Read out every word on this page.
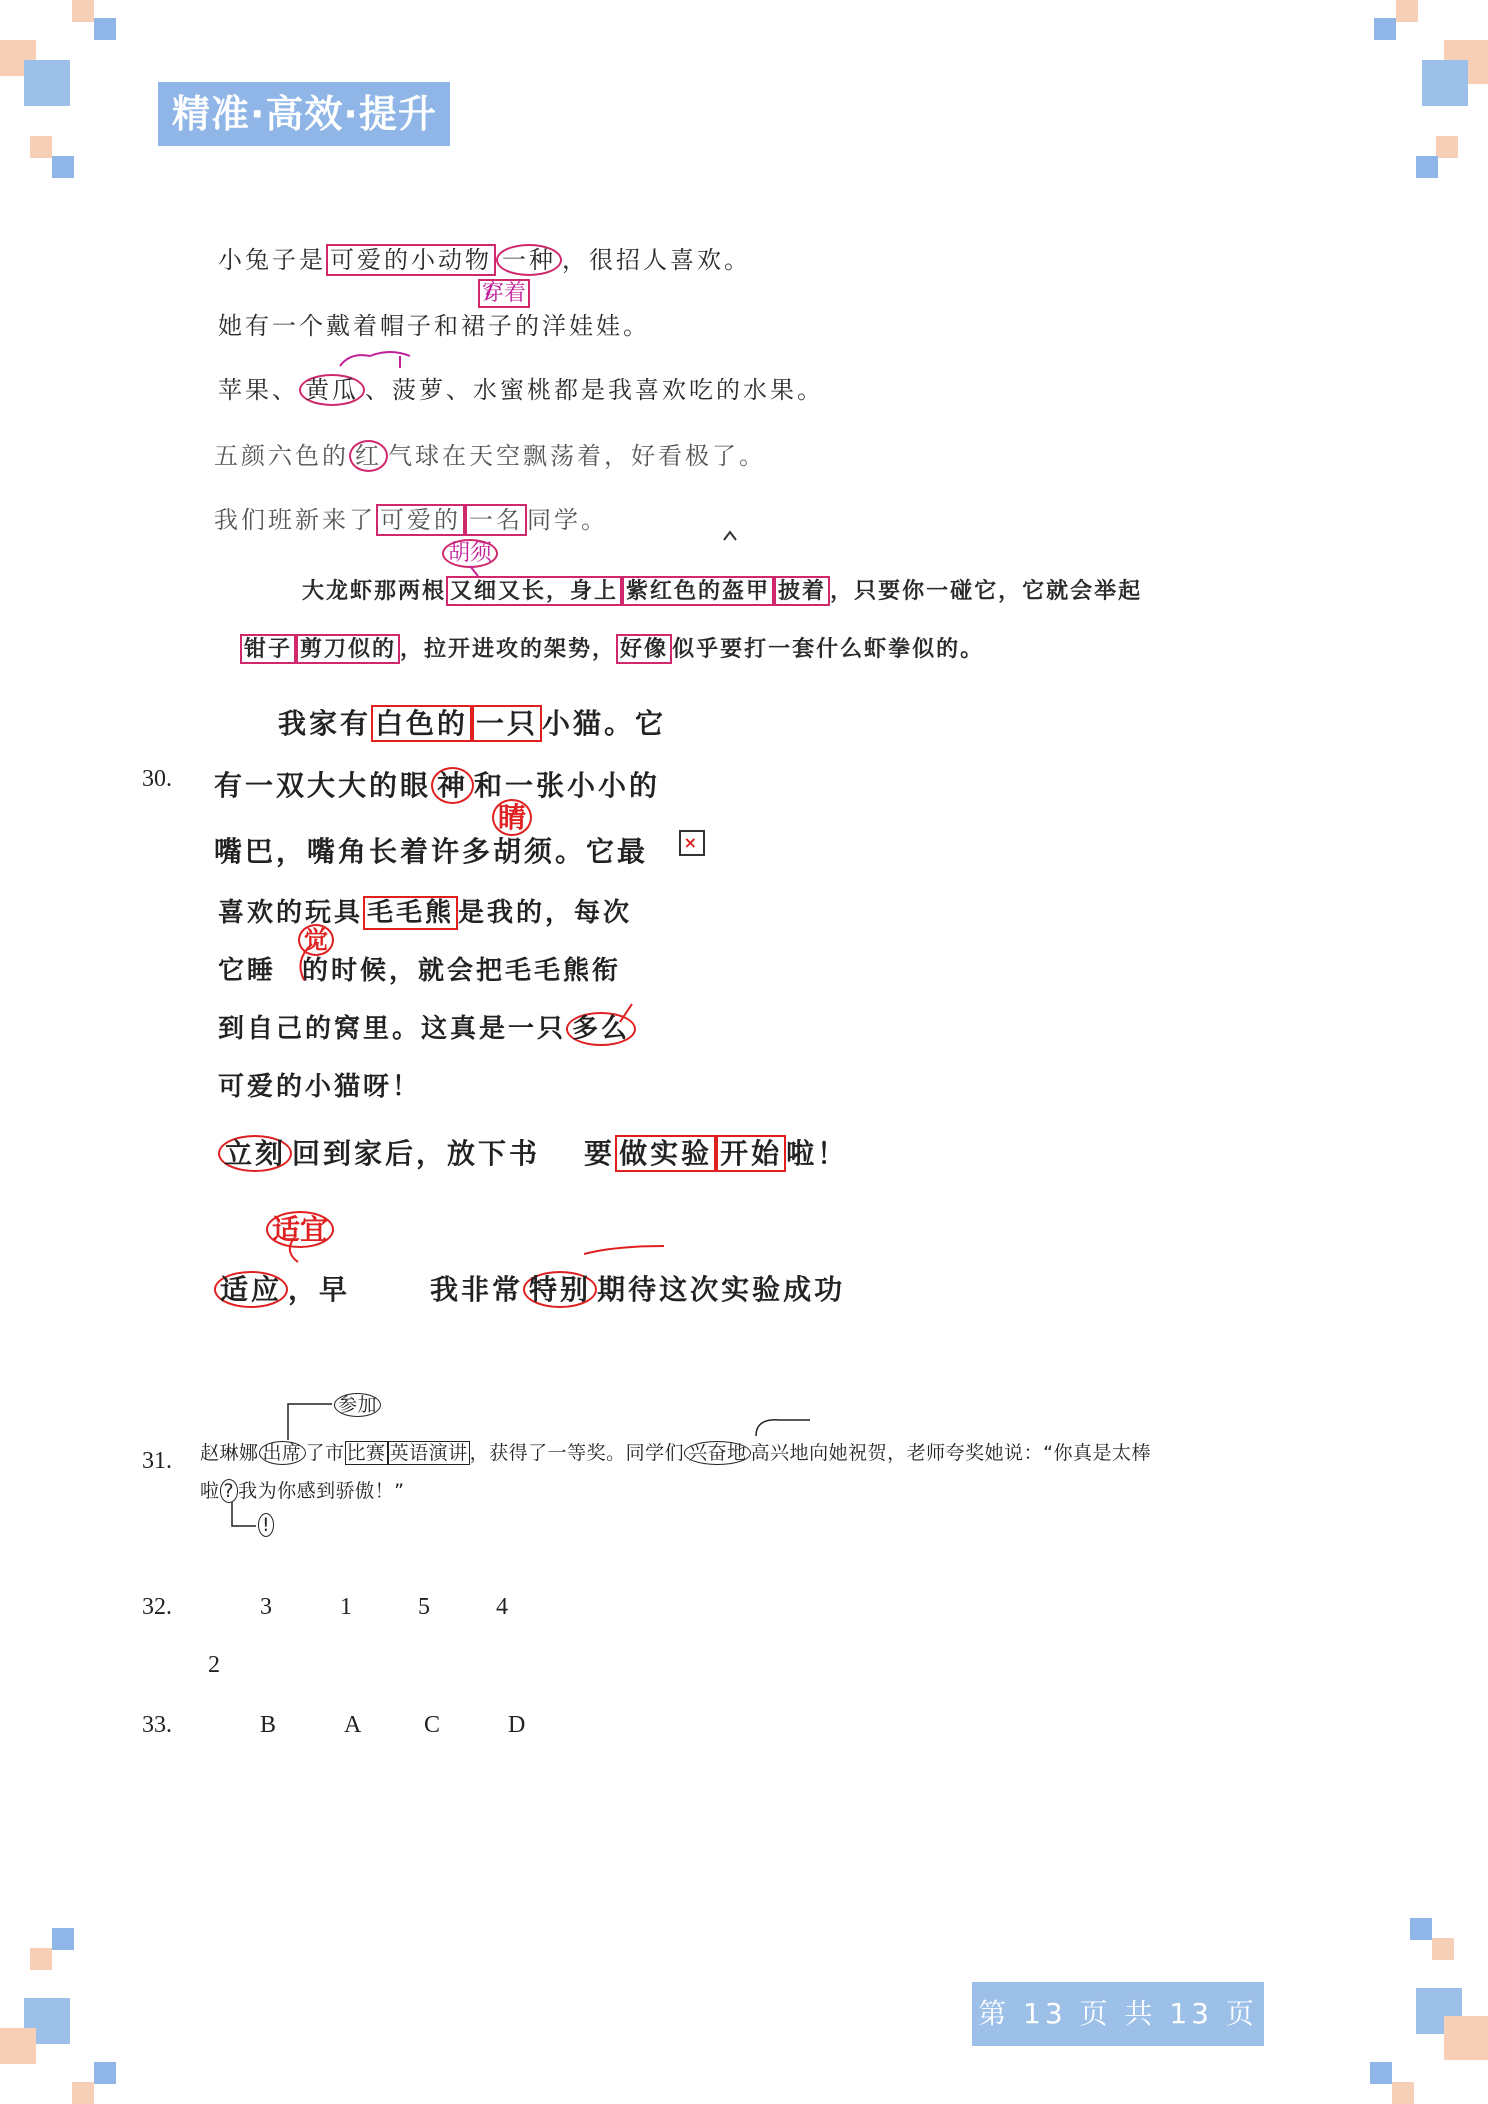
精准·高效·提升
小兔子是 可爱的小动物 一种 ，很招人喜欢。
穿着
她有一个戴着帽子和裙子的洋娃娃。
苹果、 黄瓜 、菠萝、水蜜桃都是我喜欢吃的水果。
五颜六色的 红 气球在天空飘荡着，好看极了。
我们班新来了 可爱的 一名 同学。
胡须
大龙虾那两根 又细又长，身上 紫红色的盔甲 披着 ，只要你一碰它，它就会举起
钳子 剪刀似的 ，拉开进攻的架势， 好像 似乎要打一套什么虾拳似的。
30.
我家有 白色的 一只 小猫。它
有一双大大的眼 神 和一张小小的
睛
嘴巴，嘴角长着许多胡须。它最 ×
喜欢的玩具 毛毛熊 是我的，每次
觉
它睡 的时候，就会把毛毛熊衔
到自己的窝里。这真是一只 多么
可爱的小猫呀！
立刻 回到家后，放下书 要 做实验 开始 啦！
适宜
适应 ，早	我非常 特别 期待这次实验成功
31.
参加
赵琳娜 出席 了市 比赛 英语演讲 ，获得了一等奖。同学们 兴奋地 高兴地向她祝贺，老师夸奖她说：“你真是太棒
啦 ? 我为你感到骄傲！”
!
32.	3	1	5	4
2
33.	B	A	C	D
第 13 页 共 13 页
